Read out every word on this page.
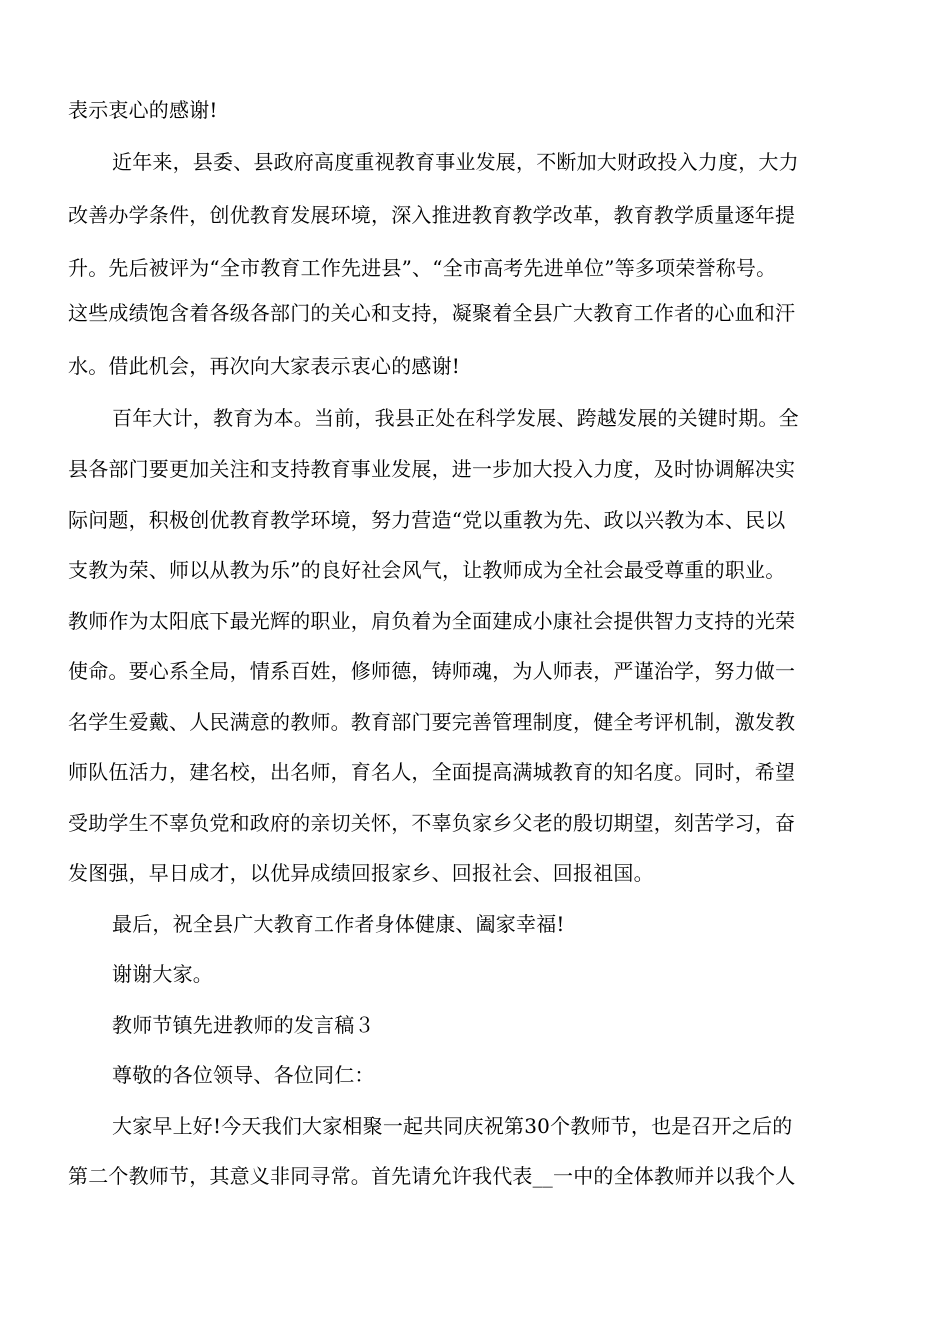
表示衷心的感谢!
近年来，县委、县政府高度重视教育事业发展，不断加大财政投入力度，大力
改善办学条件，创优教育发展环境，深入推进教育教学改革，教育教学质量逐年提
升。先后被评为“全市教育工作先进县”、“全市高考先进单位”等多项荣誉称号。
这些成绩饱含着各级各部门的关心和支持，凝聚着全县广大教育工作者的心血和汗
水。借此机会，再次向大家表示衷心的感谢!
百年大计，教育为本。当前，我县正处在科学发展、跨越发展的关键时期。全
县各部门要更加关注和支持教育事业发展，进一步加大投入力度，及时协调解决实
际问题，积极创优教育教学环境，努力营造“党以重教为先、政以兴教为本、民以
支教为荣、师以从教为乐”的良好社会风气，让教师成为全社会最受尊重的职业。
教师作为太阳底下最光辉的职业，肩负着为全面建成小康社会提供智力支持的光荣
使命。要心系全局，情系百姓，修师德，铸师魂，为人师表，严谨治学，努力做一
名学生爱戴、人民满意的教师。教育部门要完善管理制度，健全考评机制，激发教
师队伍活力，建名校，出名师，育名人，全面提高满城教育的知名度。同时，希望
受助学生不辜负党和政府的亲切关怀，不辜负家乡父老的殷切期望，刻苦学习，奋
发图强，早日成才，以优异成绩回报家乡、回报社会、回报祖国。
最后，祝全县广大教育工作者身体健康、阖家幸福!
谢谢大家。
教师节镇先进教师的发言稿３
尊敬的各位领导、各位同仁：
大家早上好!今天我们大家相聚一起共同庆祝第30个教师节，也是召开之后的
第二个教师节，其意义非同寻常。首先请允许我代表__一中的全体教师并以我个人
